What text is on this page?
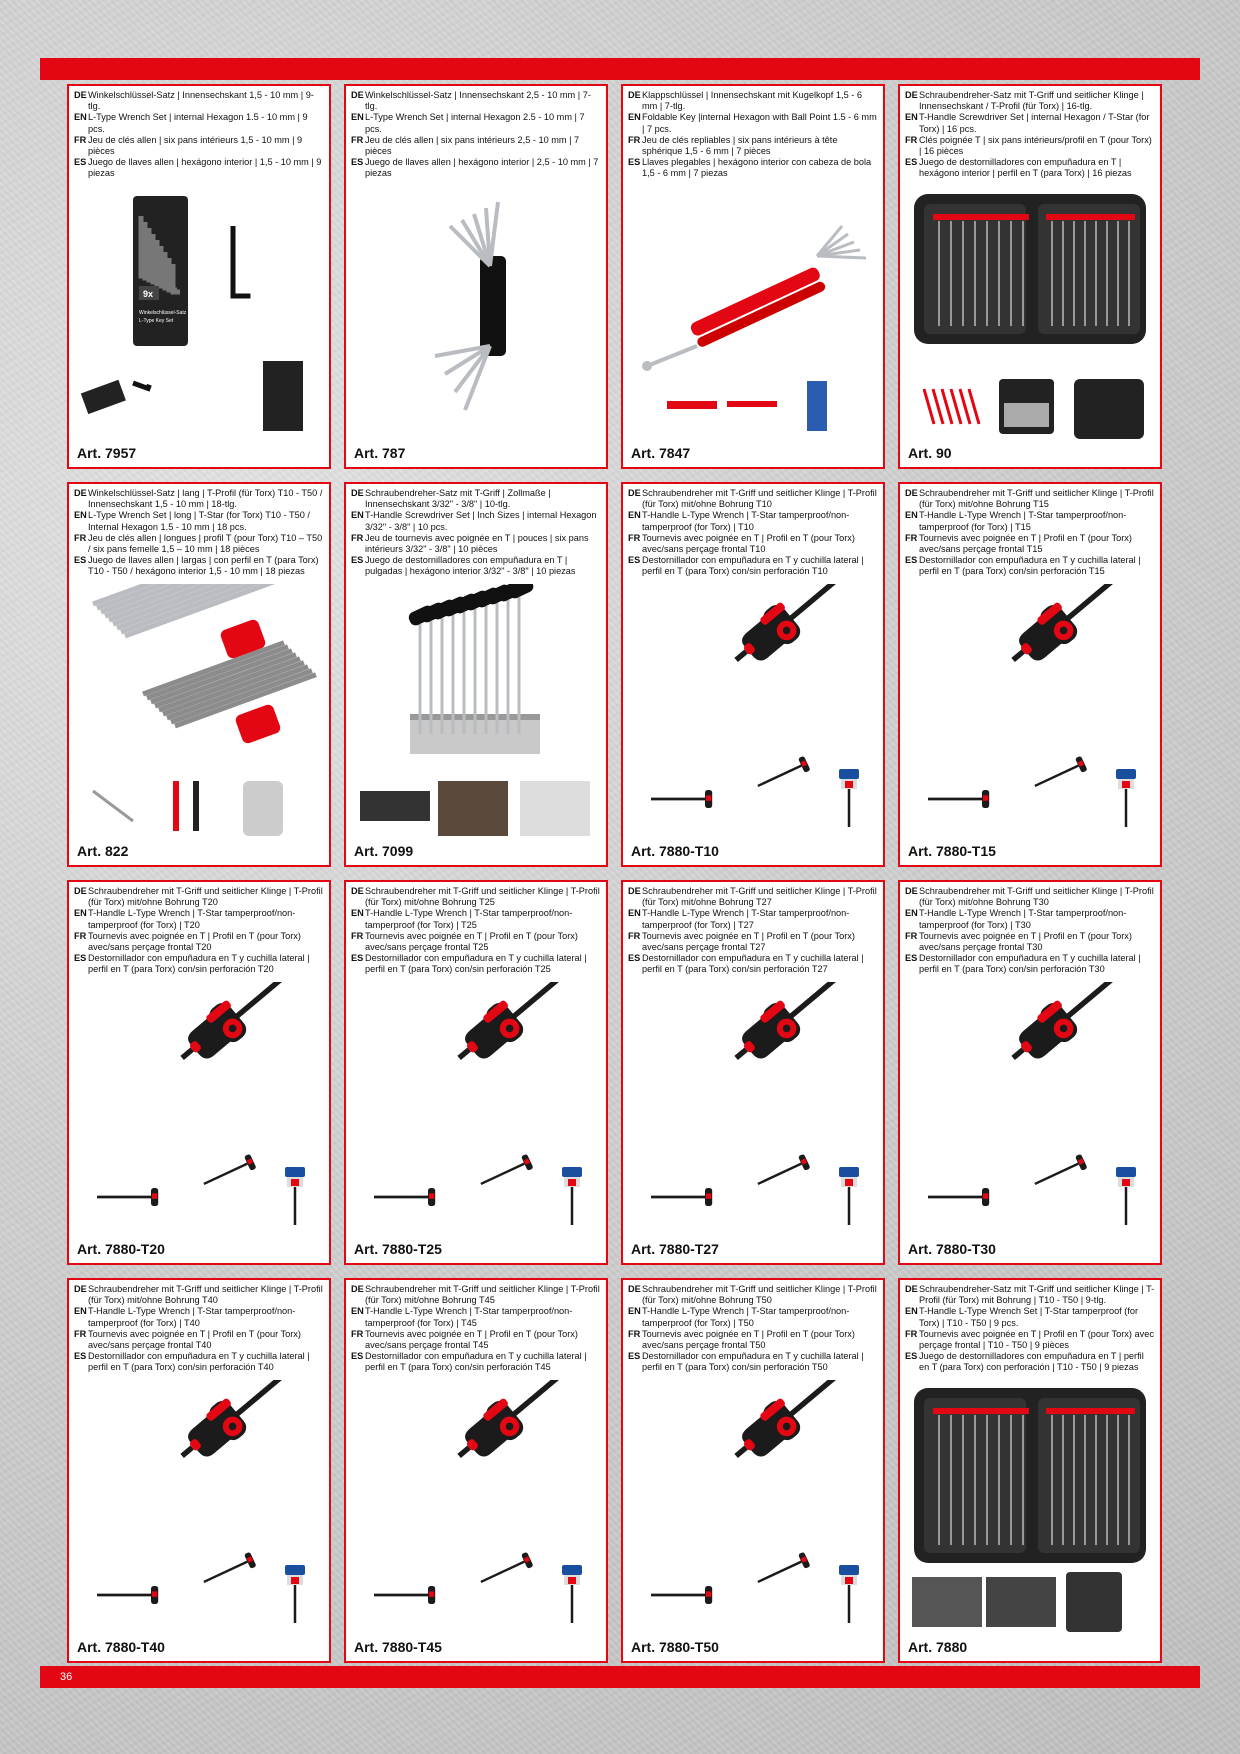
DE Winkelschlüssel-Satz | Innensechskant 1,5 - 10 mm | 9-tlg.
EN L-Type Wrench Set | internal Hexagon 1.5 - 10 mm | 9 pcs.
FR Jeu de clés allen | six pans intérieurs 1,5 - 10 mm | 9 pièces
ES Juego de llaves allen | hexágono interior | 1,5 - 10 mm | 9 piezas
9x
Winkelschlüssel-Satz
L-Type Key Set
Art. 7957
DE Winkelschlüssel-Satz | Innensechskant 2,5 - 10 mm | 7-tlg.
EN L-Type Wrench Set | internal Hexagon 2.5 - 10 mm | 7 pcs.
FR Jeu de clés allen | six pans intérieurs 2,5 - 10 mm | 7 pièces
ES Juego de llaves allen | hexágono interior | 2,5 - 10 mm | 7 piezas
Art. 787
DE Klappschlüssel | Innensechskant mit Kugelkopf 1,5 - 6 mm | 7-tlg.
EN Foldable Key |internal Hexagon with Ball Point 1.5 - 6 mm | 7 pcs.
FR Jeu de clés repliables | six pans intérieurs à tête sphérique 1,5 - 6 mm | 7 pièces
ES Llaves plegables | hexágono interior con cabeza de bola 1,5 - 6 mm | 7 piezas
Art. 7847
DE Schraubendreher-Satz mit T-Griff und seitlicher Klinge | Innensechskant / T-Profil (für Torx) | 16-tlg.
EN T-Handle Screwdriver Set | internal Hexagon / T-Star (for Torx) | 16 pcs.
FR Clés poignée T | six pans intérieurs/profil en T (pour Torx) | 16 pièces
ES Juego de destornilladores con empuñadura en T | hexágono interior | perfil en T (para Torx) | 16 piezas
Art. 90
DE Winkelschlüssel-Satz | lang | T-Profil (für Torx) T10 - T50 / Innensechskant 1,5 - 10 mm | 18-tlg.
EN L-Type Wrench Set | long | T-Star (for Torx) T10 - T50 / Internal Hexagon 1.5 - 10 mm | 18 pcs.
FR Jeu de clés allen | longues | profil T (pour Torx) T10 – T50 / six pans femelle 1,5 – 10 mm | 18 pièces
ES Juego de llaves allen | largas | con perfil en T (para Torx) T10 - T50 / hexágono interior 1,5 - 10 mm | 18 piezas
Art. 822
DE Schraubendreher-Satz mit T-Griff | Zollmaße | Innensechskant 3/32" - 3/8" | 10-tlg.
EN T-Handle Screwdriver Set | Inch Sizes | internal Hexagon 3/32" - 3/8" | 10 pcs.
FR Jeu de tournevis avec poignée en T | pouces | six pans intérieurs 3/32" - 3/8" | 10 pièces
ES Juego de destornilladores con empuñadura en T | pulgadas | hexágono interior 3/32" - 3/8" | 10 piezas
Art. 7099
DE Schraubendreher mit T-Griff und seitlicher Klinge | T-Profil (für Torx) mit/ohne Bohrung T10
EN T-Handle L-Type Wrench | T-Star tamperproof/non-tamperproof (for Torx) | T10
FR Tournevis avec poignée en T | Profil en T (pour Torx) avec/sans perçage frontal T10
ES Destornillador con empuñadura en T y cuchilla lateral | perfil en T (para Torx) con/sin perforación T10
Art. 7880-T10
DE Schraubendreher mit T-Griff und seitlicher Klinge | T-Profil (für Torx) mit/ohne Bohrung T15
EN T-Handle L-Type Wrench | T-Star tamperproof/non-tamperproof (for Torx) | T15
FR Tournevis avec poignée en T | Profil en T (pour Torx) avec/sans perçage frontal T15
ES Destornillador con empuñadura en T y cuchilla lateral | perfil en T (para Torx) con/sin perforación T15
Art. 7880-T15
DE Schraubendreher mit T-Griff und seitlicher Klinge | T-Profil (für Torx) mit/ohne Bohrung T20
EN T-Handle L-Type Wrench | T-Star tamperproof/non-tamperproof (for Torx) | T20
FR Tournevis avec poignée en T | Profil en T (pour Torx) avec/sans perçage frontal T20
ES Destornillador con empuñadura en T y cuchilla lateral | perfil en T (para Torx) con/sin perforación T20
Art. 7880-T20
DE Schraubendreher mit T-Griff und seitlicher Klinge | T-Profil (für Torx) mit/ohne Bohrung T25
EN T-Handle L-Type Wrench | T-Star tamperproof/non-tamperproof (for Torx) | T25
FR Tournevis avec poignée en T | Profil en T (pour Torx) avec/sans perçage frontal T25
ES Destornillador con empuñadura en T y cuchilla lateral | perfil en T (para Torx) con/sin perforación T25
Art. 7880-T25
DE Schraubendreher mit T-Griff und seitlicher Klinge | T-Profil (für Torx) mit/ohne Bohrung T27
EN T-Handle L-Type Wrench | T-Star tamperproof/non-tamperproof (for Torx) | T27
FR Tournevis avec poignée en T | Profil en T (pour Torx) avec/sans perçage frontal T27
ES Destornillador con empuñadura en T y cuchilla lateral | perfil en T (para Torx) con/sin perforación T27
Art. 7880-T27
DE Schraubendreher mit T-Griff und seitlicher Klinge | T-Profil (für Torx) mit/ohne Bohrung T30
EN T-Handle L-Type Wrench | T-Star tamperproof/non-tamperproof (for Torx) | T30
FR Tournevis avec poignée en T | Profil en T (pour Torx) avec/sans perçage frontal T30
ES Destornillador con empuñadura en T y cuchilla lateral | perfil en T (para Torx) con/sin perforación T30
Art. 7880-T30
DE Schraubendreher mit T-Griff und seitlicher Klinge | T-Profil (für Torx) mit/ohne Bohrung T40
EN T-Handle L-Type Wrench | T-Star tamperproof/non-tamperproof (for Torx) | T40
FR Tournevis avec poignée en T | Profil en T (pour Torx) avec/sans perçage frontal T40
ES Destornillador con empuñadura en T y cuchilla lateral | perfil en T (para Torx) con/sin perforación T40
Art. 7880-T40
DE Schraubendreher mit T-Griff und seitlicher Klinge | T-Profil (für Torx) mit/ohne Bohrung T45
EN T-Handle L-Type Wrench | T-Star tamperproof/non-tamperproof (for Torx) | T45
FR Tournevis avec poignée en T | Profil en T (pour Torx) avec/sans perçage frontal T45
ES Destornillador con empuñadura en T y cuchilla lateral | perfil en T (para Torx) con/sin perforación T45
Art. 7880-T45
DE Schraubendreher mit T-Griff und seitlicher Klinge | T-Profil (für Torx) mit/ohne Bohrung T50
EN T-Handle L-Type Wrench | T-Star tamperproof/non-tamperproof (for Torx) | T50
FR Tournevis avec poignée en T | Profil en T (pour Torx) avec/sans perçage frontal T50
ES Destornillador con empuñadura en T y cuchilla lateral | perfil en T (para Torx) con/sin perforación T50
Art. 7880-T50
DE Schraubendreher-Satz mit T-Griff und seitlicher Klinge | T-Profil (für Torx) mit Bohrung | T10 - T50 | 9-tlg.
EN T-Handle L-Type Wrench Set | T-Star tamperproof (for Torx) | T10 - T50 | 9 pcs.
FR Tournevis avec poignée en T | Profil en T (pour Torx) avec perçage frontal | T10 - T50 | 9 pièces
ES Juego de destornilladores con empuñadura en T | perfil en T (para Torx) con perforación | T10 - T50 | 9 piezas
Art. 7880
36
